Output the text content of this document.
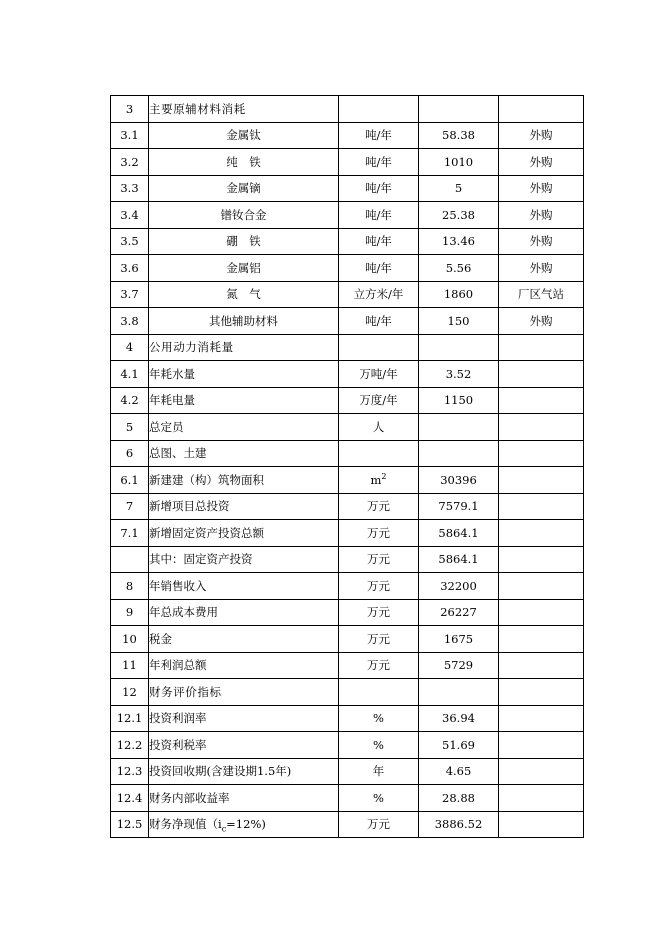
3	主要原辅材料消耗			
3.1	金属钛	吨/年	58.38	外购
3.2	纯　铁	吨/年	1010	外购
3.3	金属镝	吨/年	5	外购
3.4	镨钕合金	吨/年	25.38	外购
3.5	硼　铁	吨/年	13.46	外购
3.6	金属铝	吨/年	5.56	外购
3.7	氮　气	立方米/年	1860	厂区气站
3.8	其他辅助材料	吨/年	150	外购
4	公用动力消耗量			
4.1	年耗水量	万吨/年	3.52	
4.2	年耗电量	万度/年	1150	
5	总定员	人		
6	总图、土建			
6.1	新建建（构）筑物面积	$m^2$	30396	
7	新增项目总投资	万元	7579.1	
7.1	新增固定资产投资总额	万元	5864.1	
	其中：固定资产投资	万元	5864.1	
8	年销售收入	万元	32200	
9	年总成本费用	万元	26227	
10	税金	万元	1675	
11	年利润总额	万元	5729	
12	财务评价指标			
12.1	投资利润率	%	36.94	
12.2	投资利税率	%	51.69	
12.3	投资回收期(含建设期1.5年)	年	4.65	
12.4	财务内部收益率	%	28.88	
12.5	财务净现值$(i_c=12\%)$	万元	3886.52	
